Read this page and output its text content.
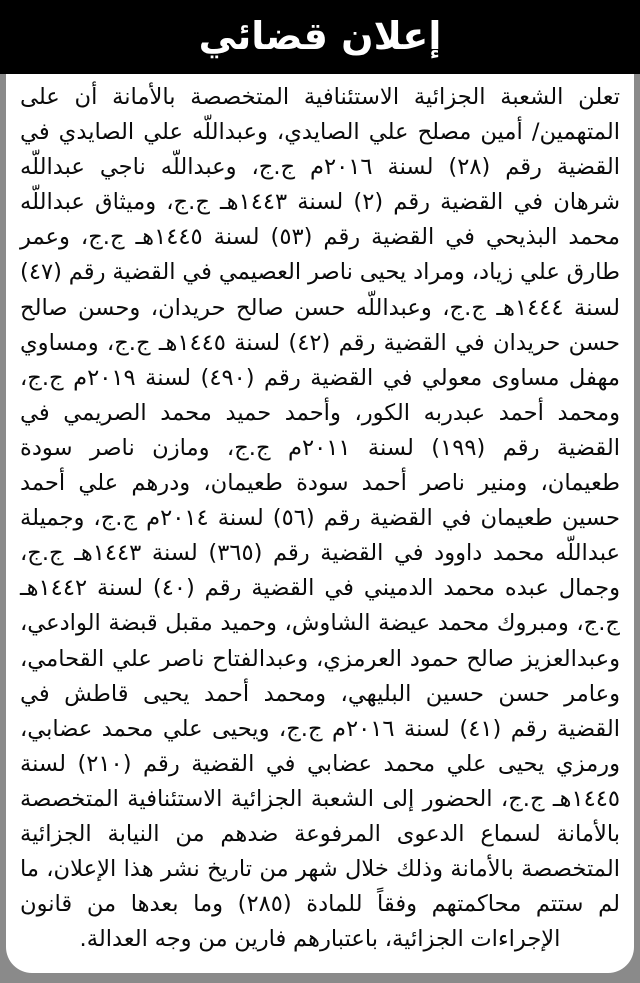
إعلان قضائي

تعلن الشعبة الجزائية الاستئنافية المتخصصة بالأمانة أن على المتهمين/ أمين مصلح علي الصايدي، وعبداللّه علي الصايدي في القضية رقم (٢٨) لسنة ٢٠١٦م ج.ج، وعبداللّه ناجي عبداللّه شرهان في القضية رقم (٢) لسنة ١٤٤٣هـ ج.ج، وميثاق عبداللّه محمد البذيحي في القضية رقم (٥٣) لسنة ١٤٤٥هـ ج.ج، وعمر طارق علي زياد، ومراد يحيى ناصر العصيمي في القضية رقم (٤٧) لسنة ١٤٤٤هـ ج.ج، وعبداللّه حسن صالح حريدان، وحسن صالح حسن حريدان في القضية رقم (٤٢) لسنة ١٤٤٥هـ ج.ج، ومساوي مهفل مساوى معولي في القضية رقم (٤٩٠) لسنة ٢٠١٩م ج.ج، ومحمد أحمد عبدربه الكور، وأحمد حميد محمد الصريمي في القضية رقم (١٩٩) لسنة ٢٠١١م ج.ج، ومازن ناصر سودة طعيمان، ومنير ناصر أحمد سودة طعيمان، ودرهم علي أحمد حسين طعيمان في القضية رقم (٥٦) لسنة ٢٠١٤م ج.ج، وجميلة عبداللّه محمد داوود في القضية رقم (٣٦٥) لسنة ١٤٤٣هـ ج.ج، وجمال عبده محمد الدميني في القضية رقم (٤٠) لسنة ١٤٤٢هـ ج.ج، ومبروك محمد عيضة الشاوش، وحميد مقبل قبضة الوادعي، وعبدالعزيز صالح حمود العرمزي، وعبدالفتاح ناصر علي القحامي، وعامر حسن حسين البليهي، ومحمد أحمد يحيى قاطش في القضية رقم (٤١) لسنة ٢٠١٦م ج.ج، ويحيى علي محمد عضابي، ورمزي يحيى علي محمد عضابي في القضية رقم (٢١٠) لسنة ١٤٤٥هـ ج.ج، الحضور إلى الشعبة الجزائية الاستئنافية المتخصصة بالأمانة لسماع الدعوى المرفوعة ضدهم من النيابة الجزائية المتخصصة بالأمانة وذلك خلال شهر من تاريخ نشر هذا الإعلان، ما لم ستتم محاكمتهم وفقاً للمادة (٢٨٥) وما بعدها من قانون الإجراءات الجزائية، باعتبارهم فارين من وجه العدالة.
